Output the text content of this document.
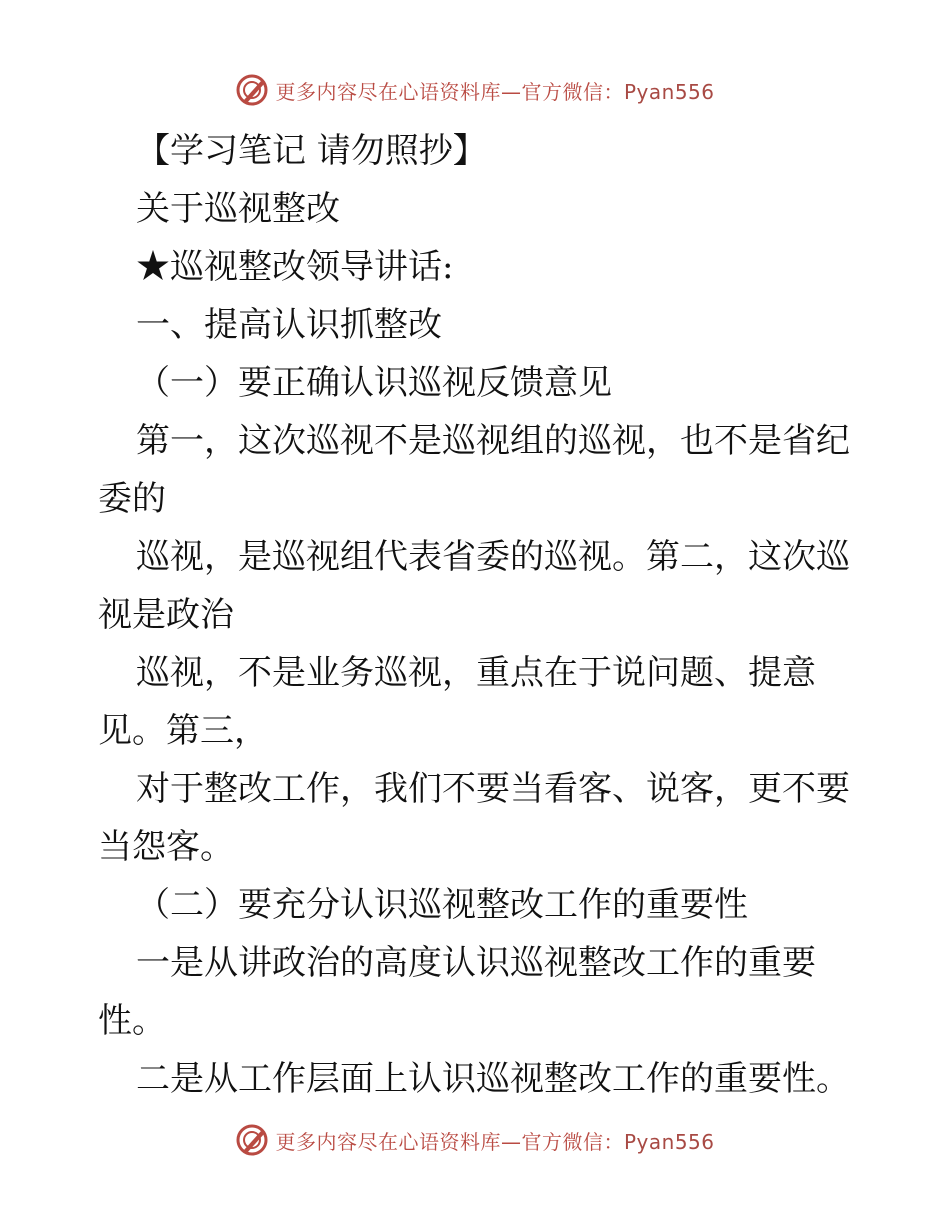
更多内容尽在心语资料库—官方微信：Pyan556

【学习笔记 请勿照抄】

关于巡视整改

★巡视整改领导讲话:

一、提高认识抓整改

（一）要正确认识巡视反馈意见

第一，这次巡视不是巡视组的巡视，也不是省纪

委的

巡视，是巡视组代表省委的巡视。第二，这次巡

视是政治

巡视，不是业务巡视，重点在于说问题、提意

见。第三，

对于整改工作，我们不要当看客、说客，更不要

当怨客。

（二）要充分认识巡视整改工作的重要性

一是从讲政治的高度认识巡视整改工作的重要

性。

二是从工作层面上认识巡视整改工作的重要性。

更多内容尽在心语资料库—官方微信：Pyan556
